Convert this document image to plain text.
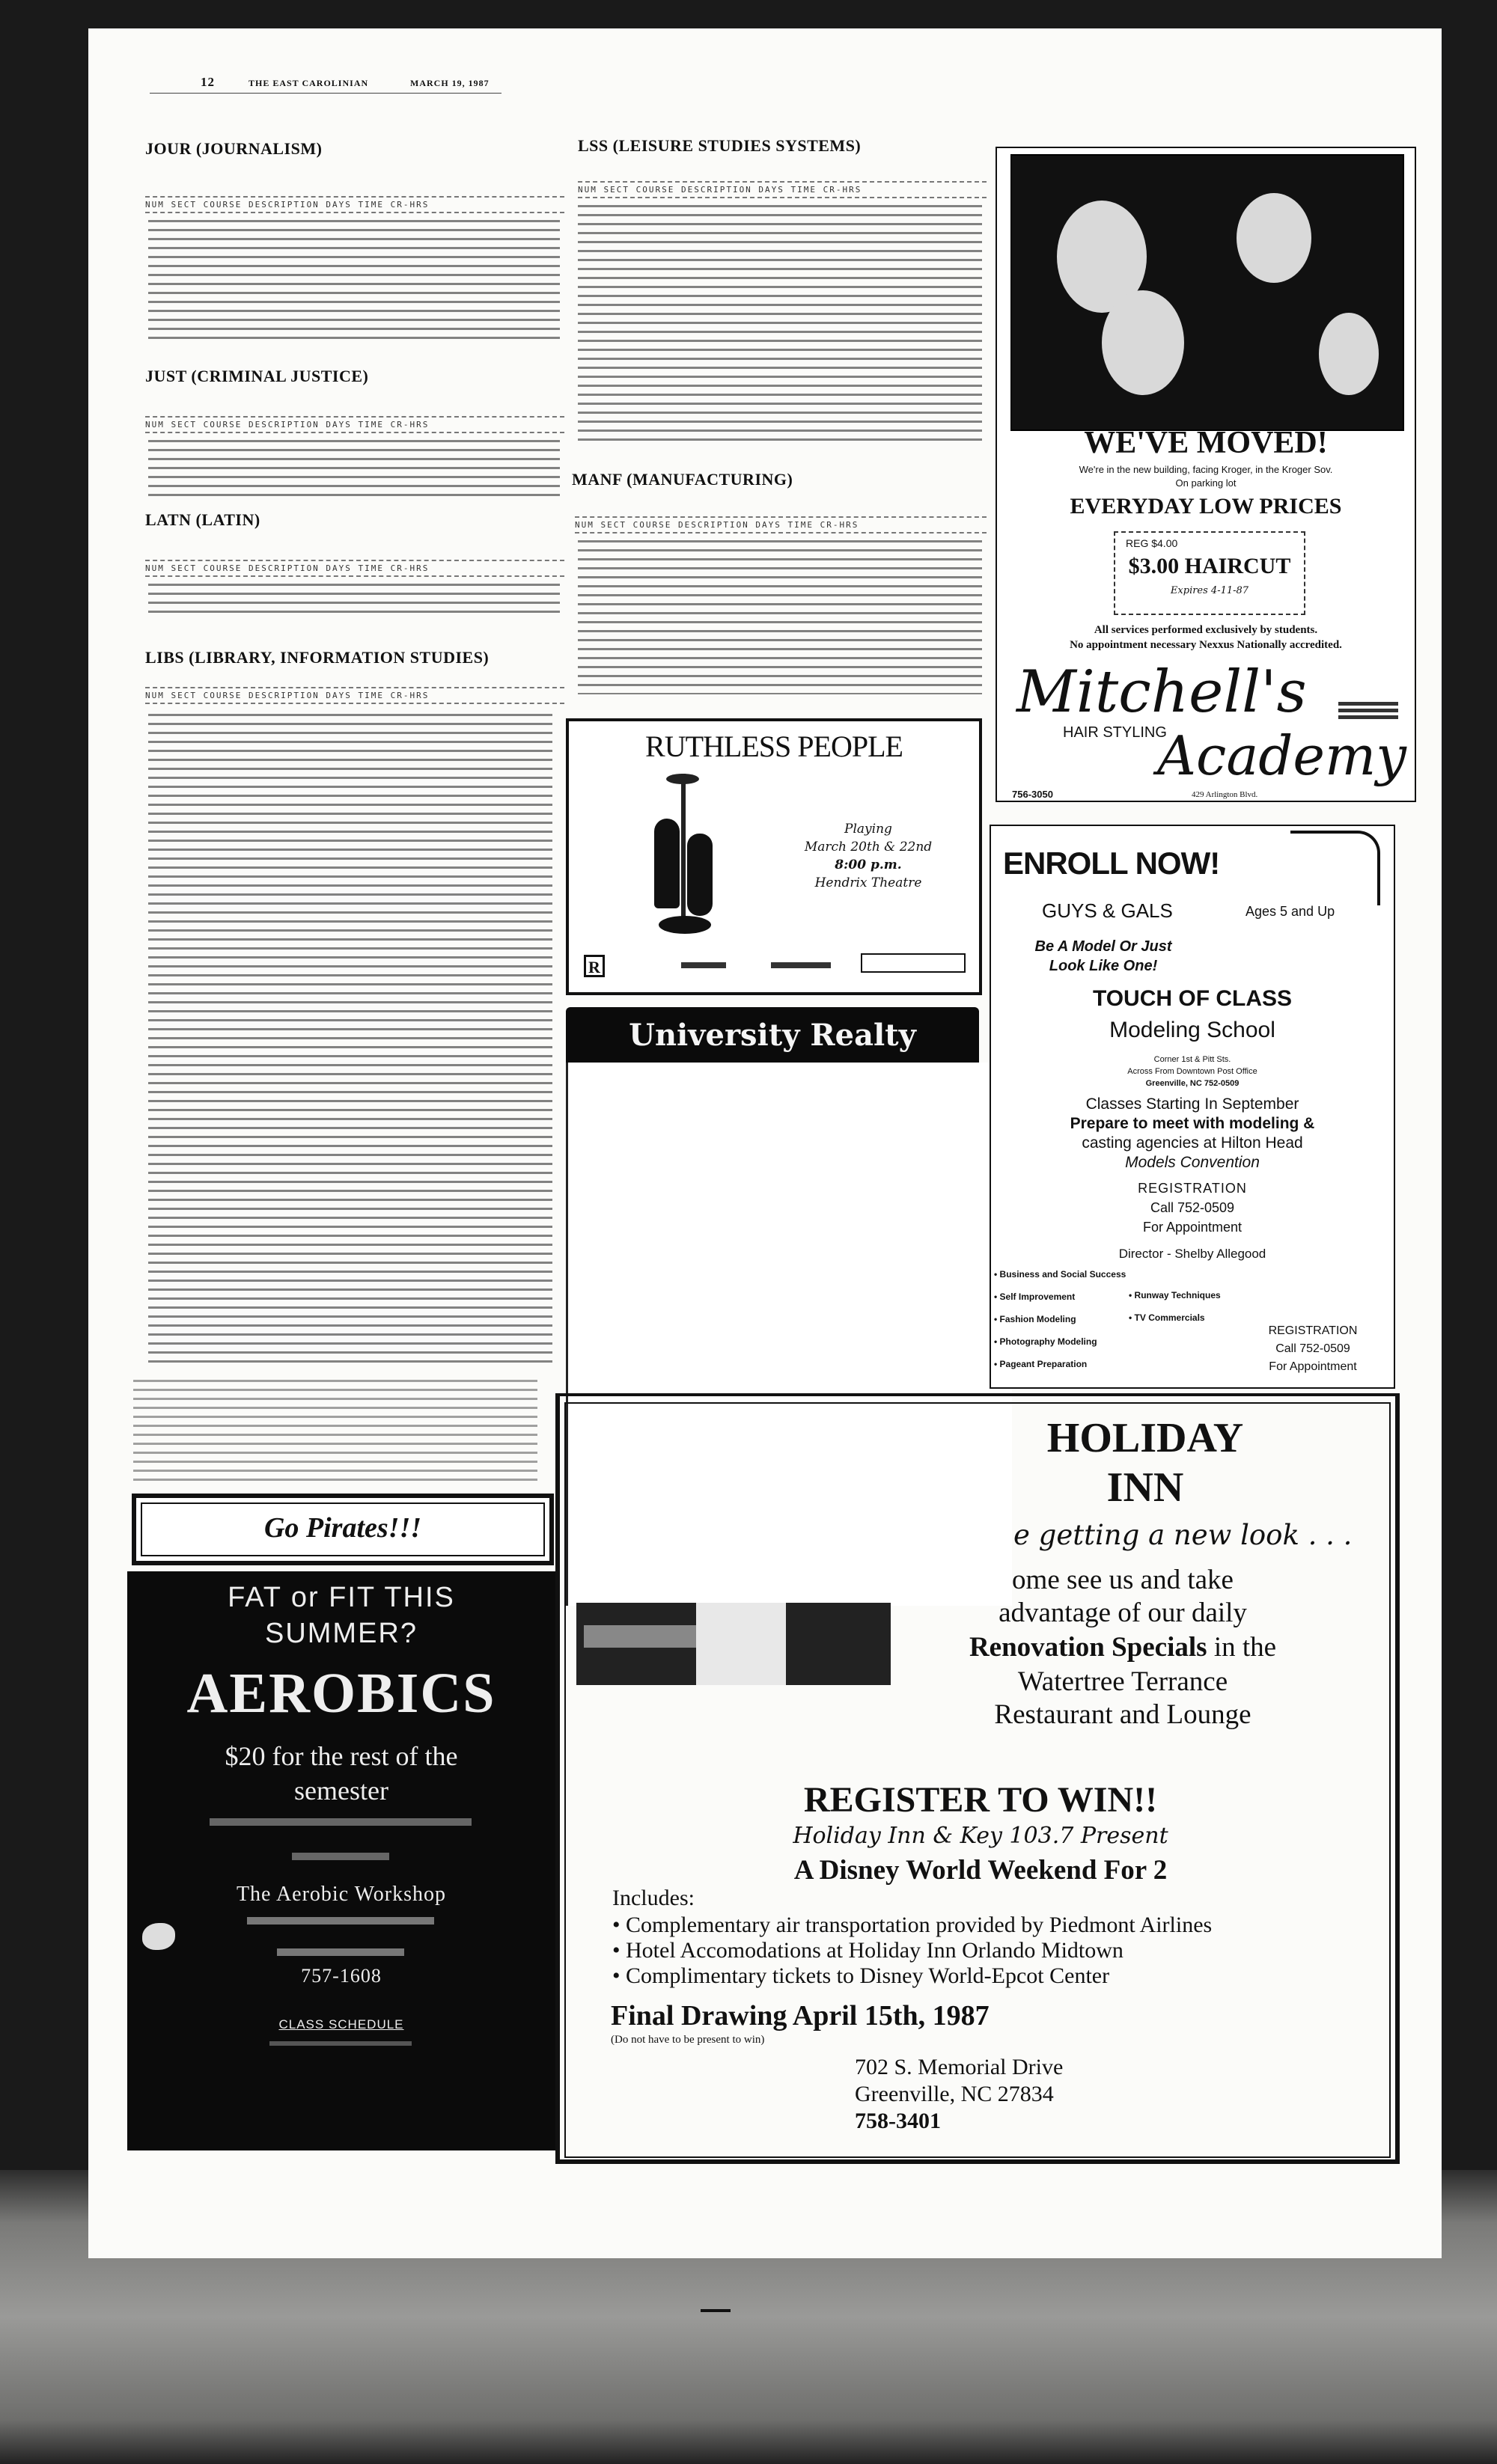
12	THE EAST CAROLINIAN	MARCH 19, 1987
JOUR (JOURNALISM)
NUM SECT COURSE DESCRIPTION DAYS TIME CR-HRS
JUST (CRIMINAL JUSTICE)
NUM SECT COURSE DESCRIPTION DAYS TIME CR-HRS
LATN (LATIN)
NUM SECT COURSE DESCRIPTION DAYS TIME CR-HRS
LIBS (LIBRARY, INFORMATION STUDIES)
NUM SECT COURSE DESCRIPTION DAYS TIME CR-HRS
LSS (LEISURE STUDIES SYSTEMS)
NUM SECT COURSE DESCRIPTION DAYS TIME CR-HRS
MANF (MANUFACTURING)
NUM SECT COURSE DESCRIPTION DAYS TIME CR-HRS
RUTHLESS PEOPLE
Playing
March 20th & 22nd
8:00 p.m.
Hendrix Theatre
R
University Realty
WE'VE MOVED!
We're in the new building, facing Kroger, in the Kroger Sov.
On parking lot
EVERYDAY LOW PRICES
REG $4.00
$3.00 HAIRCUT
Expires 4-11-87
All services performed exclusively by students.
No appointment necessary Nexxus Nationally accredited.
Mitchell's
HAIR STYLING
Academy
756-3050	429 Arlington Blvd.
ENROLL NOW!
GUYS & GALS	Ages 5 and Up
Be A Model Or Just
Look Like One!
TOUCH OF CLASS
Modeling School
Corner 1st & Pitt Sts.
Across From Downtown Post Office
Greenville, NC 752-0509
Classes Starting In September
Prepare to meet with modeling &
casting agencies at Hilton Head
Models Convention
REGISTRATION
Call 752-0509
For Appointment
Director - Shelby Allegood
• Business and Social Success
• Self Improvement
• Fashion Modeling
• Photography Modeling
• Pageant Preparation
• Runway Techniques
• TV Commercials
REGISTRATION
Call 752-0509
For Appointment
HOLIDAY
INN
e getting a new look . . .
ome see us and take
advantage of our daily
Renovation Specials in the
Watertree Terrance
Restaurant and Lounge
REGISTER TO WIN!!
Holiday Inn & Key 103.7 Present
A Disney World Weekend For 2
Includes:
• Complementary air transportation provided by Piedmont Airlines
• Hotel Accomodations at Holiday Inn Orlando Midtown
• Complimentary tickets to Disney World-Epcot Center
Final Drawing April 15th, 1987
(Do not have to be present to win)
702 S. Memorial Drive
Greenville, NC 27834
758-3401
Go Pirates!!!
FAT or FIT THIS
SUMMER?
AEROBICS
$20 for the rest of the
semester
The Aerobic Workshop
757-1608
CLASS SCHEDULE
